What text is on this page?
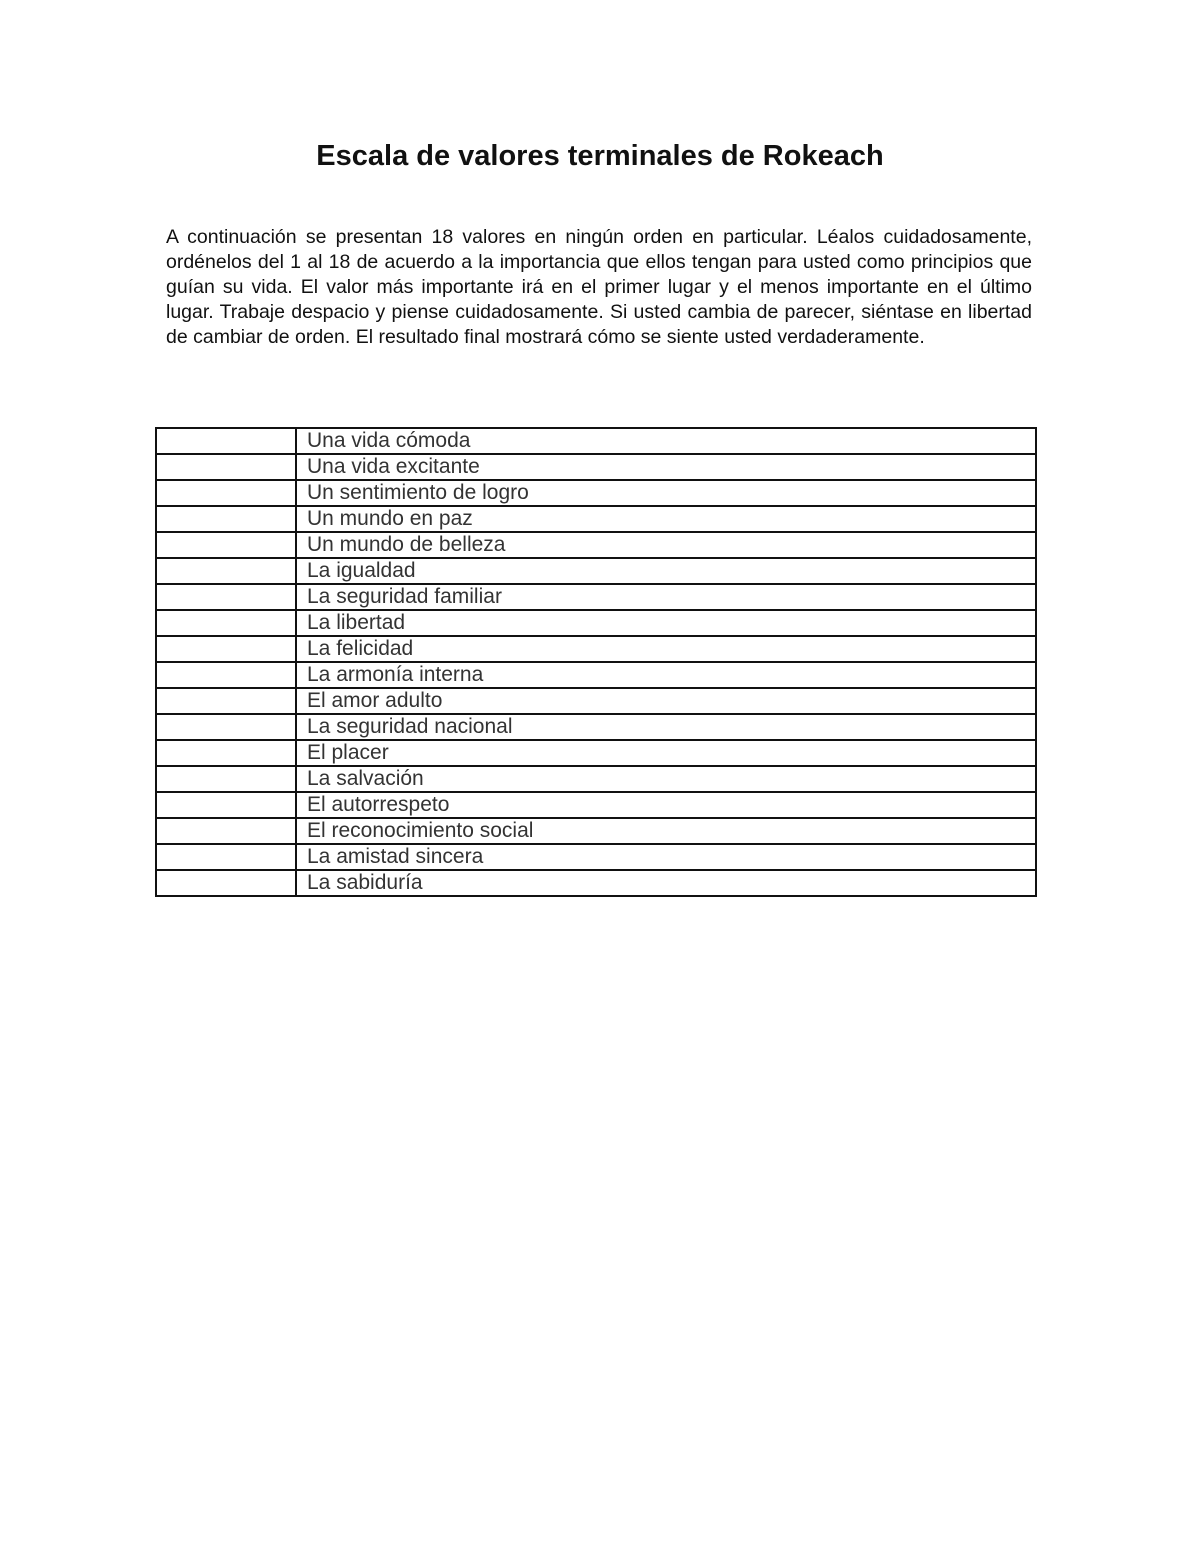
Escala de valores terminales de Rokeach

A continuación se presentan 18 valores en ningún orden en particular. Léalos cuidadosamente, ordénelos del 1 al 18 de acuerdo a la importancia que ellos tengan para usted como principios que guían su vida. El valor más importante irá en el primer lugar y el menos importante en el último lugar. Trabaje despacio y piense cuidadosamente. Si usted cambia de parecer, siéntase en libertad de cambiar de orden. El resultado final mostrará cómo se siente usted verdaderamente.

	Una vida cómoda
	Una vida excitante
	Un sentimiento de logro
	Un mundo en paz
	Un mundo de belleza
	La igualdad
	La seguridad familiar
	La libertad
	La felicidad
	La armonía interna
	El amor adulto
	La seguridad nacional
	El placer
	La salvación
	El autorrespeto
	El reconocimiento social
	La amistad sincera
	La sabiduría
